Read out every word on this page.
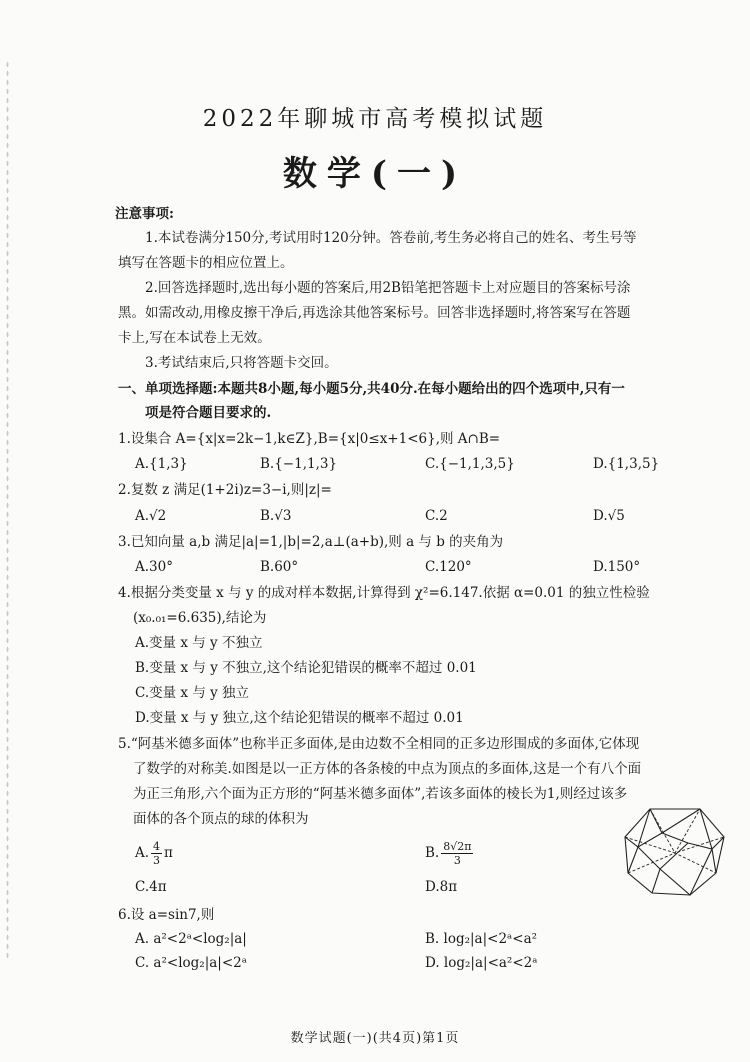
2022年聊城市高考模拟试题
数学(一)
注意事项:
1.本试卷满分150分,考试用时120分钟。答卷前,考生务必将自己的姓名、考生号等
填写在答题卡的相应位置上。
2.回答选择题时,选出每小题的答案后,用2B铅笔把答题卡上对应题目的答案标号涂
黑。如需改动,用橡皮擦干净后,再选涂其他答案标号。回答非选择题时,将答案写在答题
卡上,写在本试卷上无效。
3.考试结束后,只将答题卡交回。
一、单项选择题:本题共8小题,每小题5分,共40分.在每小题给出的四个选项中,只有一
项是符合题目要求的.
1.设集合 A={x|x=2k−1,k∈Z},B={x|0≤x+1<6},则 A∩B=
A.{1,3}	B.{−1,1,3}	C.{−1,1,3,5}	D.{1,3,5}
2.复数 z 满足(1+2i)z=3−i,则|z|=
A.√2	B.√3	C.2	D.√5
3.已知向量 a,b 满足|a|=1,|b|=2,a⊥(a+b),则 a 与 b 的夹角为
A.30°	B.60°	C.120°	D.150°
4.根据分类变量 x 与 y 的成对样本数据,计算得到 χ²=6.147.依据 α=0.01 的独立性检验
(x₀.₀₁=6.635),结论为
A.变量 x 与 y 不独立
B.变量 x 与 y 不独立,这个结论犯错误的概率不超过 0.01
C.变量 x 与 y 独立
D.变量 x 与 y 独立,这个结论犯错误的概率不超过 0.01
5.“阿基米德多面体”也称半正多面体,是由边数不全相同的正多边形围成的多面体,它体现
了数学的对称美.如图是以一正方体的各条棱的中点为顶点的多面体,这是一个有八个面
为正三角形,六个面为正方形的“阿基米德多面体”,若该多面体的棱长为1,则经过该多
面体的各个顶点的球的体积为
A. $\frac{4}{3}$ π	B. $\frac{8√2\pi}{3}$
C.4π	D.8π
6.设 a=sin7,则
A. a²<2ᵃ<log₂|a|	B. log₂|a|<2ᵃ<a²
C. a²<log₂|a|<2ᵃ	D. log₂|a|<a²<2ᵃ
数学试题(一)(共4页)第1页
